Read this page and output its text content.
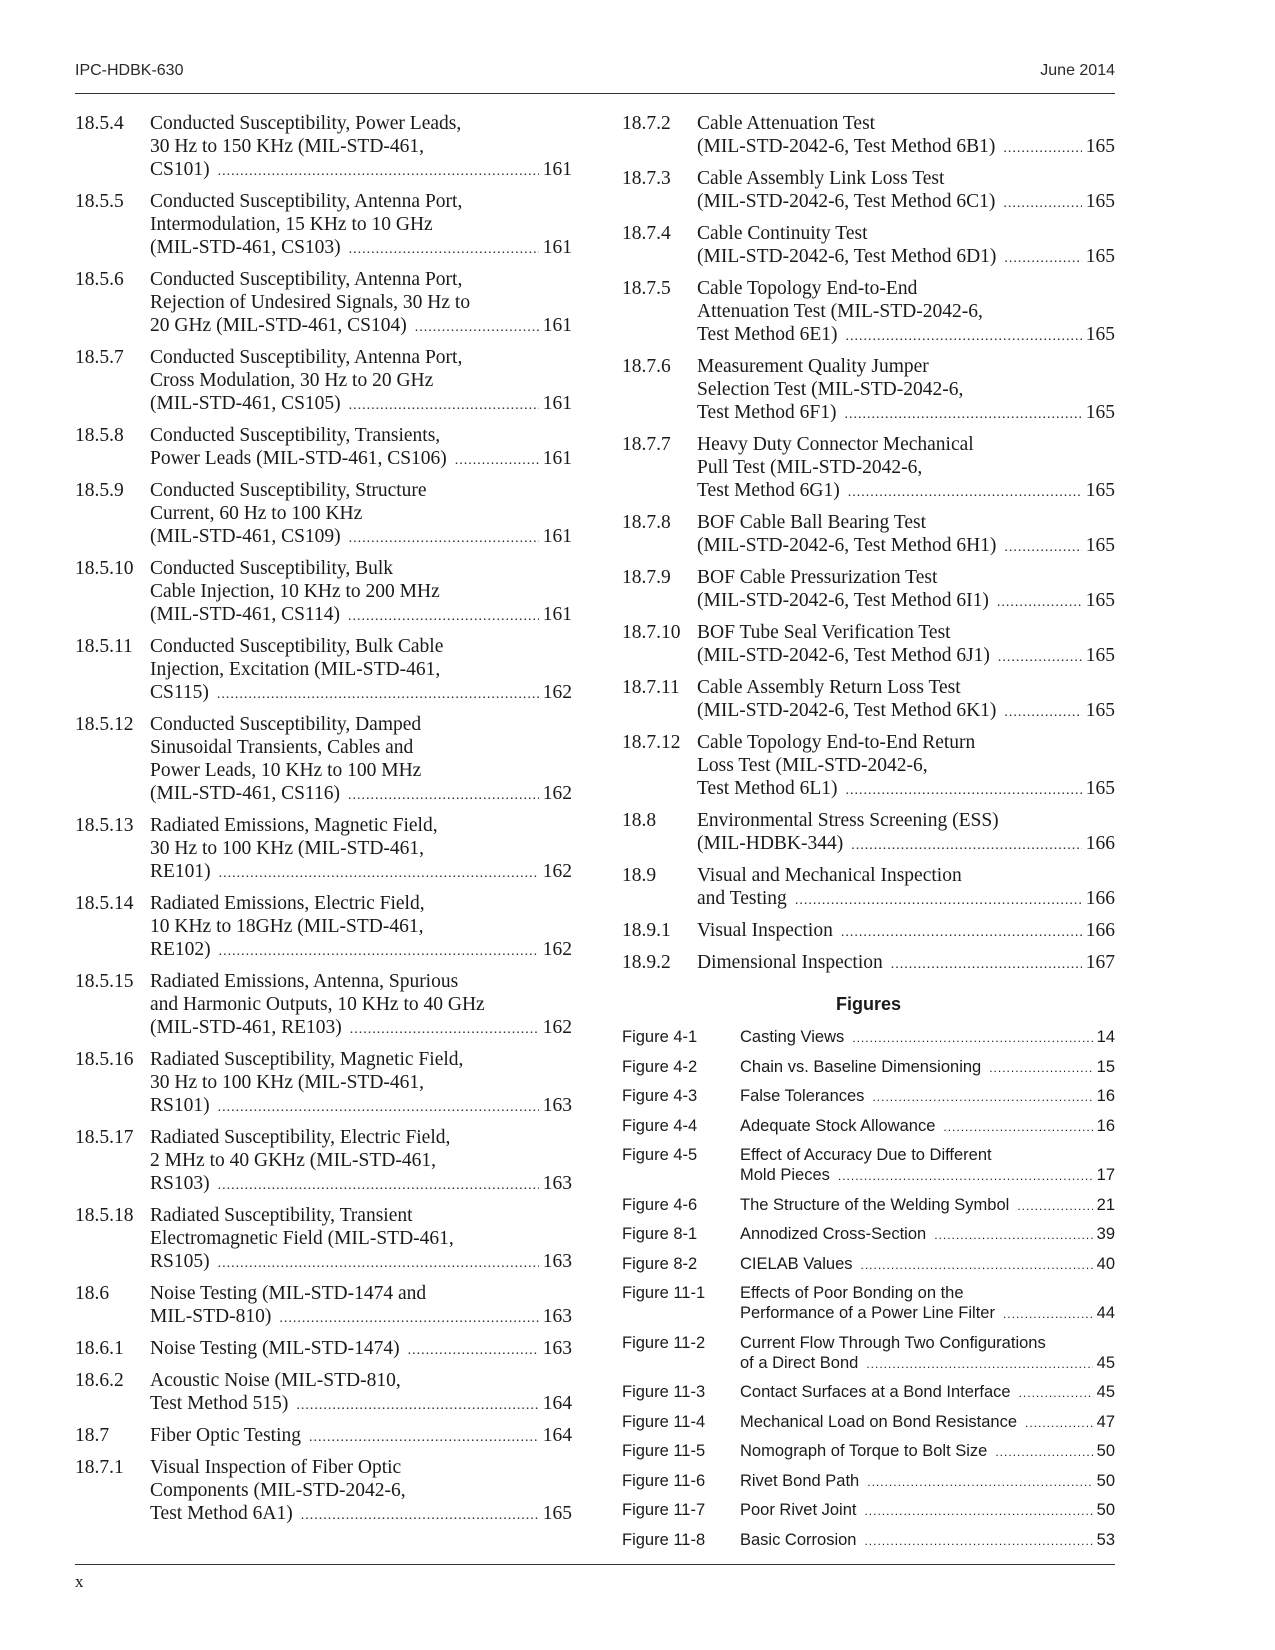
IPC-HDBK-630	June 2014
18.5.4	Conducted Susceptibility, Power Leads,
30 Hz to 150 KHz (MIL-STD-461,
CS101) .....	161
18.5.5	Conducted Susceptibility, Antenna Port,
Intermodulation, 15 KHz to 10 GHz
(MIL-STD-461, CS103) .....	161
18.5.6	Conducted Susceptibility, Antenna Port,
Rejection of Undesired Signals, 30 Hz to
20 GHz (MIL-STD-461, CS104) .....	161
18.5.7	Conducted Susceptibility, Antenna Port,
Cross Modulation, 30 Hz to 20 GHz
(MIL-STD-461, CS105) .....	161
18.5.8	Conducted Susceptibility, Transients,
Power Leads (MIL-STD-461, CS106) .....	161
18.5.9	Conducted Susceptibility, Structure
Current, 60 Hz to 100 KHz
(MIL-STD-461, CS109) .....	161
18.5.10 Conducted Susceptibility, Bulk
Cable Injection, 10 KHz to 200 MHz
(MIL-STD-461, CS114) .....	161
18.5.11 Conducted Susceptibility, Bulk Cable
Injection, Excitation (MIL-STD-461,
CS115) .....	162
18.5.12 Conducted Susceptibility, Damped
Sinusoidal Transients, Cables and
Power Leads, 10 KHz to 100 MHz
(MIL-STD-461, CS116) .....	162
18.5.13 Radiated Emissions, Magnetic Field,
30 Hz to 100 KHz (MIL-STD-461,
RE101) .....	162
18.5.14 Radiated Emissions, Electric Field,
10 KHz to 18GHz (MIL-STD-461,
RE102) .....	162
18.5.15 Radiated Emissions, Antenna, Spurious
and Harmonic Outputs, 10 KHz to 40 GHz
(MIL-STD-461, RE103) .....	162
18.5.16 Radiated Susceptibility, Magnetic Field,
30 Hz to 100 KHz (MIL-STD-461,
RS101) .....	163
18.5.17 Radiated Susceptibility, Electric Field,
2 MHz to 40 GKHz (MIL-STD-461,
RS103) .....	163
18.5.18 Radiated Susceptibility, Transient
Electromagnetic Field (MIL-STD-461,
RS105) .....	163
18.6	Noise Testing (MIL-STD-1474 and
MIL-STD-810) .....	163
18.6.1	Noise Testing (MIL-STD-1474) .....	163
18.6.2	Acoustic Noise (MIL-STD-810,
Test Method 515) .....	164
18.7	Fiber Optic Testing .....	164
18.7.1	Visual Inspection of Fiber Optic
Components (MIL-STD-2042-6,
Test Method 6A1) .....	165
18.7.2	Cable Attenuation Test
(MIL-STD-2042-6, Test Method 6B1) .....	165
18.7.3	Cable Assembly Link Loss Test
(MIL-STD-2042-6, Test Method 6C1) .....	165
18.7.4	Cable Continuity Test
(MIL-STD-2042-6, Test Method 6D1) .....	165
18.7.5	Cable Topology End-to-End
Attenuation Test (MIL-STD-2042-6,
Test Method 6E1) .....	165
18.7.6	Measurement Quality Jumper
Selection Test (MIL-STD-2042-6,
Test Method 6F1) .....	165
18.7.7	Heavy Duty Connector Mechanical
Pull Test (MIL-STD-2042-6,
Test Method 6G1) .....	165
18.7.8	BOF Cable Ball Bearing Test
(MIL-STD-2042-6, Test Method 6H1) .....	165
18.7.9	BOF Cable Pressurization Test
(MIL-STD-2042-6, Test Method 6I1) .....	165
18.7.10 BOF Tube Seal Verification Test
(MIL-STD-2042-6, Test Method 6J1) .....	165
18.7.11 Cable Assembly Return Loss Test
(MIL-STD-2042-6, Test Method 6K1) .....	165
18.7.12 Cable Topology End-to-End Return
Loss Test (MIL-STD-2042-6,
Test Method 6L1) .....	165
18.8	Environmental Stress Screening (ESS)
(MIL-HDBK-344) .....	166
18.9	Visual and Mechanical Inspection
and Testing .....	166
18.9.1	Visual Inspection .....	166
18.9.2	Dimensional Inspection .....	167
Figures
Figure 4-1	Casting Views .....	14
Figure 4-2	Chain vs. Baseline Dimensioning .....	15
Figure 4-3	False Tolerances .....	16
Figure 4-4	Adequate Stock Allowance .....	16
Figure 4-5	Effect of Accuracy Due to Different
Mold Pieces .....	17
Figure 4-6	The Structure of the Welding Symbol .....	21
Figure 8-1	Annodized Cross-Section .....	39
Figure 8-2	CIELAB Values .....	40
Figure 11-1	Effects of Poor Bonding on the
Performance of a Power Line Filter .....	44
Figure 11-2	Current Flow Through Two Configurations
of a Direct Bond .....	45
Figure 11-3	Contact Surfaces at a Bond Interface .....	45
Figure 11-4	Mechanical Load on Bond Resistance .....	47
Figure 11-5	Nomograph of Torque to Bolt Size .....	50
Figure 11-6	Rivet Bond Path .....	50
Figure 11-7	Poor Rivet Joint .....	50
Figure 11-8	Basic Corrosion .....	53
x
